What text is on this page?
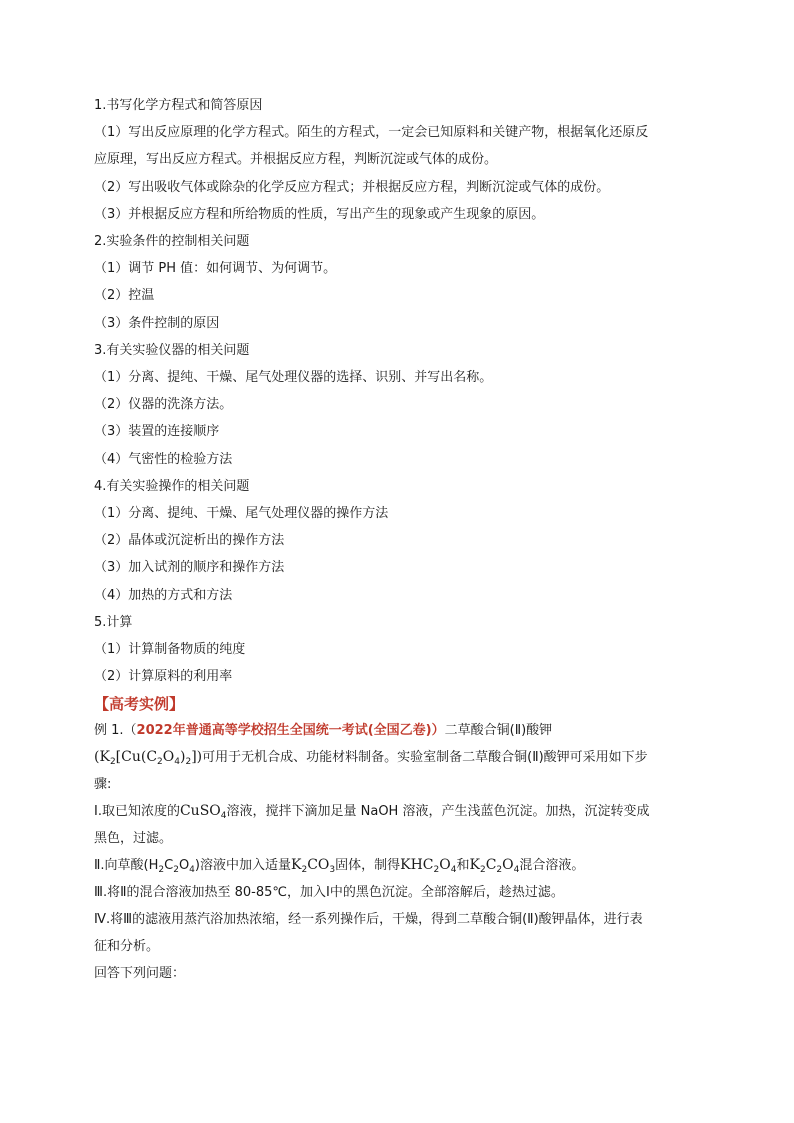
1.书写化学方程式和简答原因
（1）写出反应原理的化学方程式。陌生的方程式，一定会已知原料和关键产物，根据氧化还原反
应原理，写出反应方程式。并根据反应方程，判断沉淀或气体的成份。
（2）写出吸收气体或除杂的化学反应方程式；并根据反应方程，判断沉淀或气体的成份。
（3）并根据反应方程和所给物质的性质，写出产生的现象或产生现象的原因。
2.实验条件的控制相关问题
（1）调节 PH 值：如何调节、为何调节。
（2）控温
（3）条件控制的原因
3.有关实验仪器的相关问题
（1）分离、提纯、干燥、尾气处理仪器的选择、识别、并写出名称。
（2）仪器的洗涤方法。
（3）装置的连接顺序
（4）气密性的检验方法
4.有关实验操作的相关问题
（1）分离、提纯、干燥、尾气处理仪器的操作方法
（2）晶体或沉淀析出的操作方法
（3）加入试剂的顺序和操作方法
（4）加热的方式和方法
5.计算
（1）计算制备物质的纯度
（2）计算原料的利用率
【高考实例】
例 1.（2022年普通高等学校招生全国统一考试(全国乙卷)）二草酸合铜(Ⅱ)酸钾
$(K_2[Cu(C_2O_4)_2])$可用于无机合成、功能材料制备。实验室制备二草酸合铜(Ⅱ)酸钾可采用如下步
骤:
Ⅰ.取已知浓度的CuSO$_4$溶液，搅拌下滴加足量 NaOH 溶液，产生浅蓝色沉淀。加热，沉淀转变成
黑色，过滤。
Ⅱ.向草酸$(H_2C_2O_4)$溶液中加入适量$K_2CO_3$固体，制得$KHC_2O_4$和$K_2C_2O_4$混合溶液。
Ⅲ.将Ⅱ的混合溶液加热至 80-85℃，加入Ⅰ中的黑色沉淀。全部溶解后，趁热过滤。
Ⅳ.将Ⅲ的滤液用蒸汽浴加热浓缩，经一系列操作后，干燥，得到二草酸合铜(Ⅱ)酸钾晶体，进行表
征和分析。
回答下列问题：
